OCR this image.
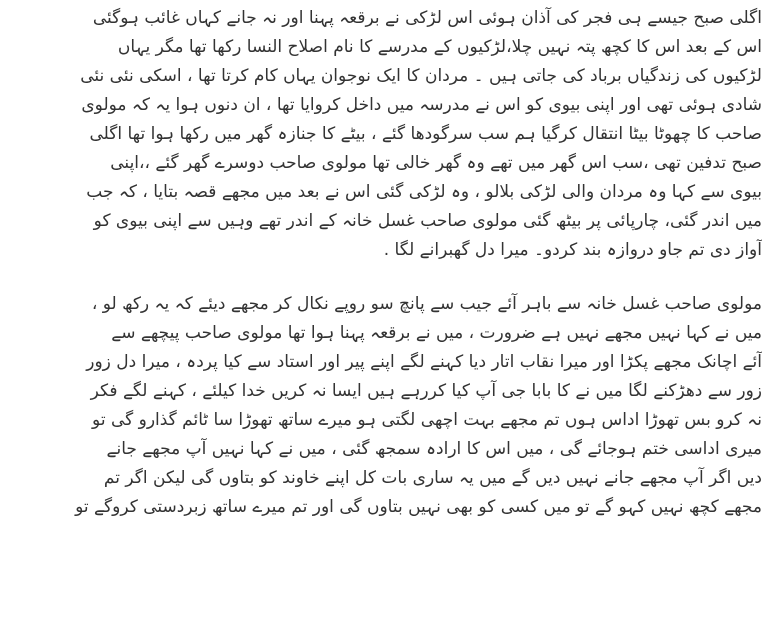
اگلی صبح جیسے ہی فجر کی آذان ہوئی اس لڑکی نے برقعہ پہنا اور نہ جانے کہاں غائب ہوگئی
اس کے بعد اس کا کچھ پتہ نہیں چلا،لڑکیوں کے مدرسے کا نام اصلاح النسا رکھا تھا مگر یہاں
لڑکیوں کی زندگیاں برباد کی جاتی ہیں ۔ مردان کا ایک نوجوان یہاں کام کرتا تھا ، اسکی نئی نئی
شادی ہوئی تھی اور اپنی بیوی کو اس نے مدرسہ میں داخل کروایا تھا ، ان دنوں ہوا یہ کہ مولوی
صاحب کا چھوٹا بیٹا انتقال کرگیا ہم سب سرگودھا گئے ، بیٹے کا جنازہ گھر میں رکھا ہوا تھا اگلی
صبح تدفین تھی ،سب اس گھر میں تھے وہ گھر خالی تھا مولوی صاحب دوسرے گھر گئے ،،اپنی
بیوی سے کہا وہ مردان والی لڑکی بلالو ، وہ لڑکی گئی اس نے بعد میں مجھے قصہ بتایا ، کہ جب
میں اندر گئی، چارپائی پر بیٹھ گئی مولوی صاحب غسل خانہ کے اندر تھے وہیں سے اپنی بیوی کو
آواز دی تم جاو دروازہ بند کردو۔ میرا دل گھبرانے لگا .

مولوی صاحب غسل خانہ سے باہر آئے جیب سے پانچ سو روپے نکال کر مجھے دیئے کہ یہ رکھ لو ،
میں نے کہا نہیں مجھے نہیں ہے ضرورت ، میں نے برقعہ پہنا ہوا تھا مولوی صاحب پیچھے سے
آئے اچانک مجھے پکڑا اور میرا نقاب اتار دیا کہنے لگے اپنے پیر اور استاد سے کیا پردہ ، میرا دل زور
زور سے دھڑکنے لگا میں نے کا بابا جی آپ کیا کررہے ہیں ایسا نہ کریں خدا کیلئے ، کہنے لگے فکر
نہ کرو بس تھوڑا اداس ہوں تم مجھے بہت اچھی لگتی ہو میرے ساتھ تھوڑا سا ٹائم گذارو گی تو
میری اداسی ختم ہوجائے گی ، میں اس کا ارادہ سمجھ گئی ، میں نے کہا نہیں آپ مجھے جانے
دیں اگر آپ مجھے جانے نہیں دیں گے میں یہ ساری بات کل اپنے خاوند کو بتاوں گی لیکن اگر تم
مجھے کچھ نہیں کہو گے تو میں کسی کو بھی نہیں بتاوں گی اور تم میرے ساتھ زبردستی کروگے تو
